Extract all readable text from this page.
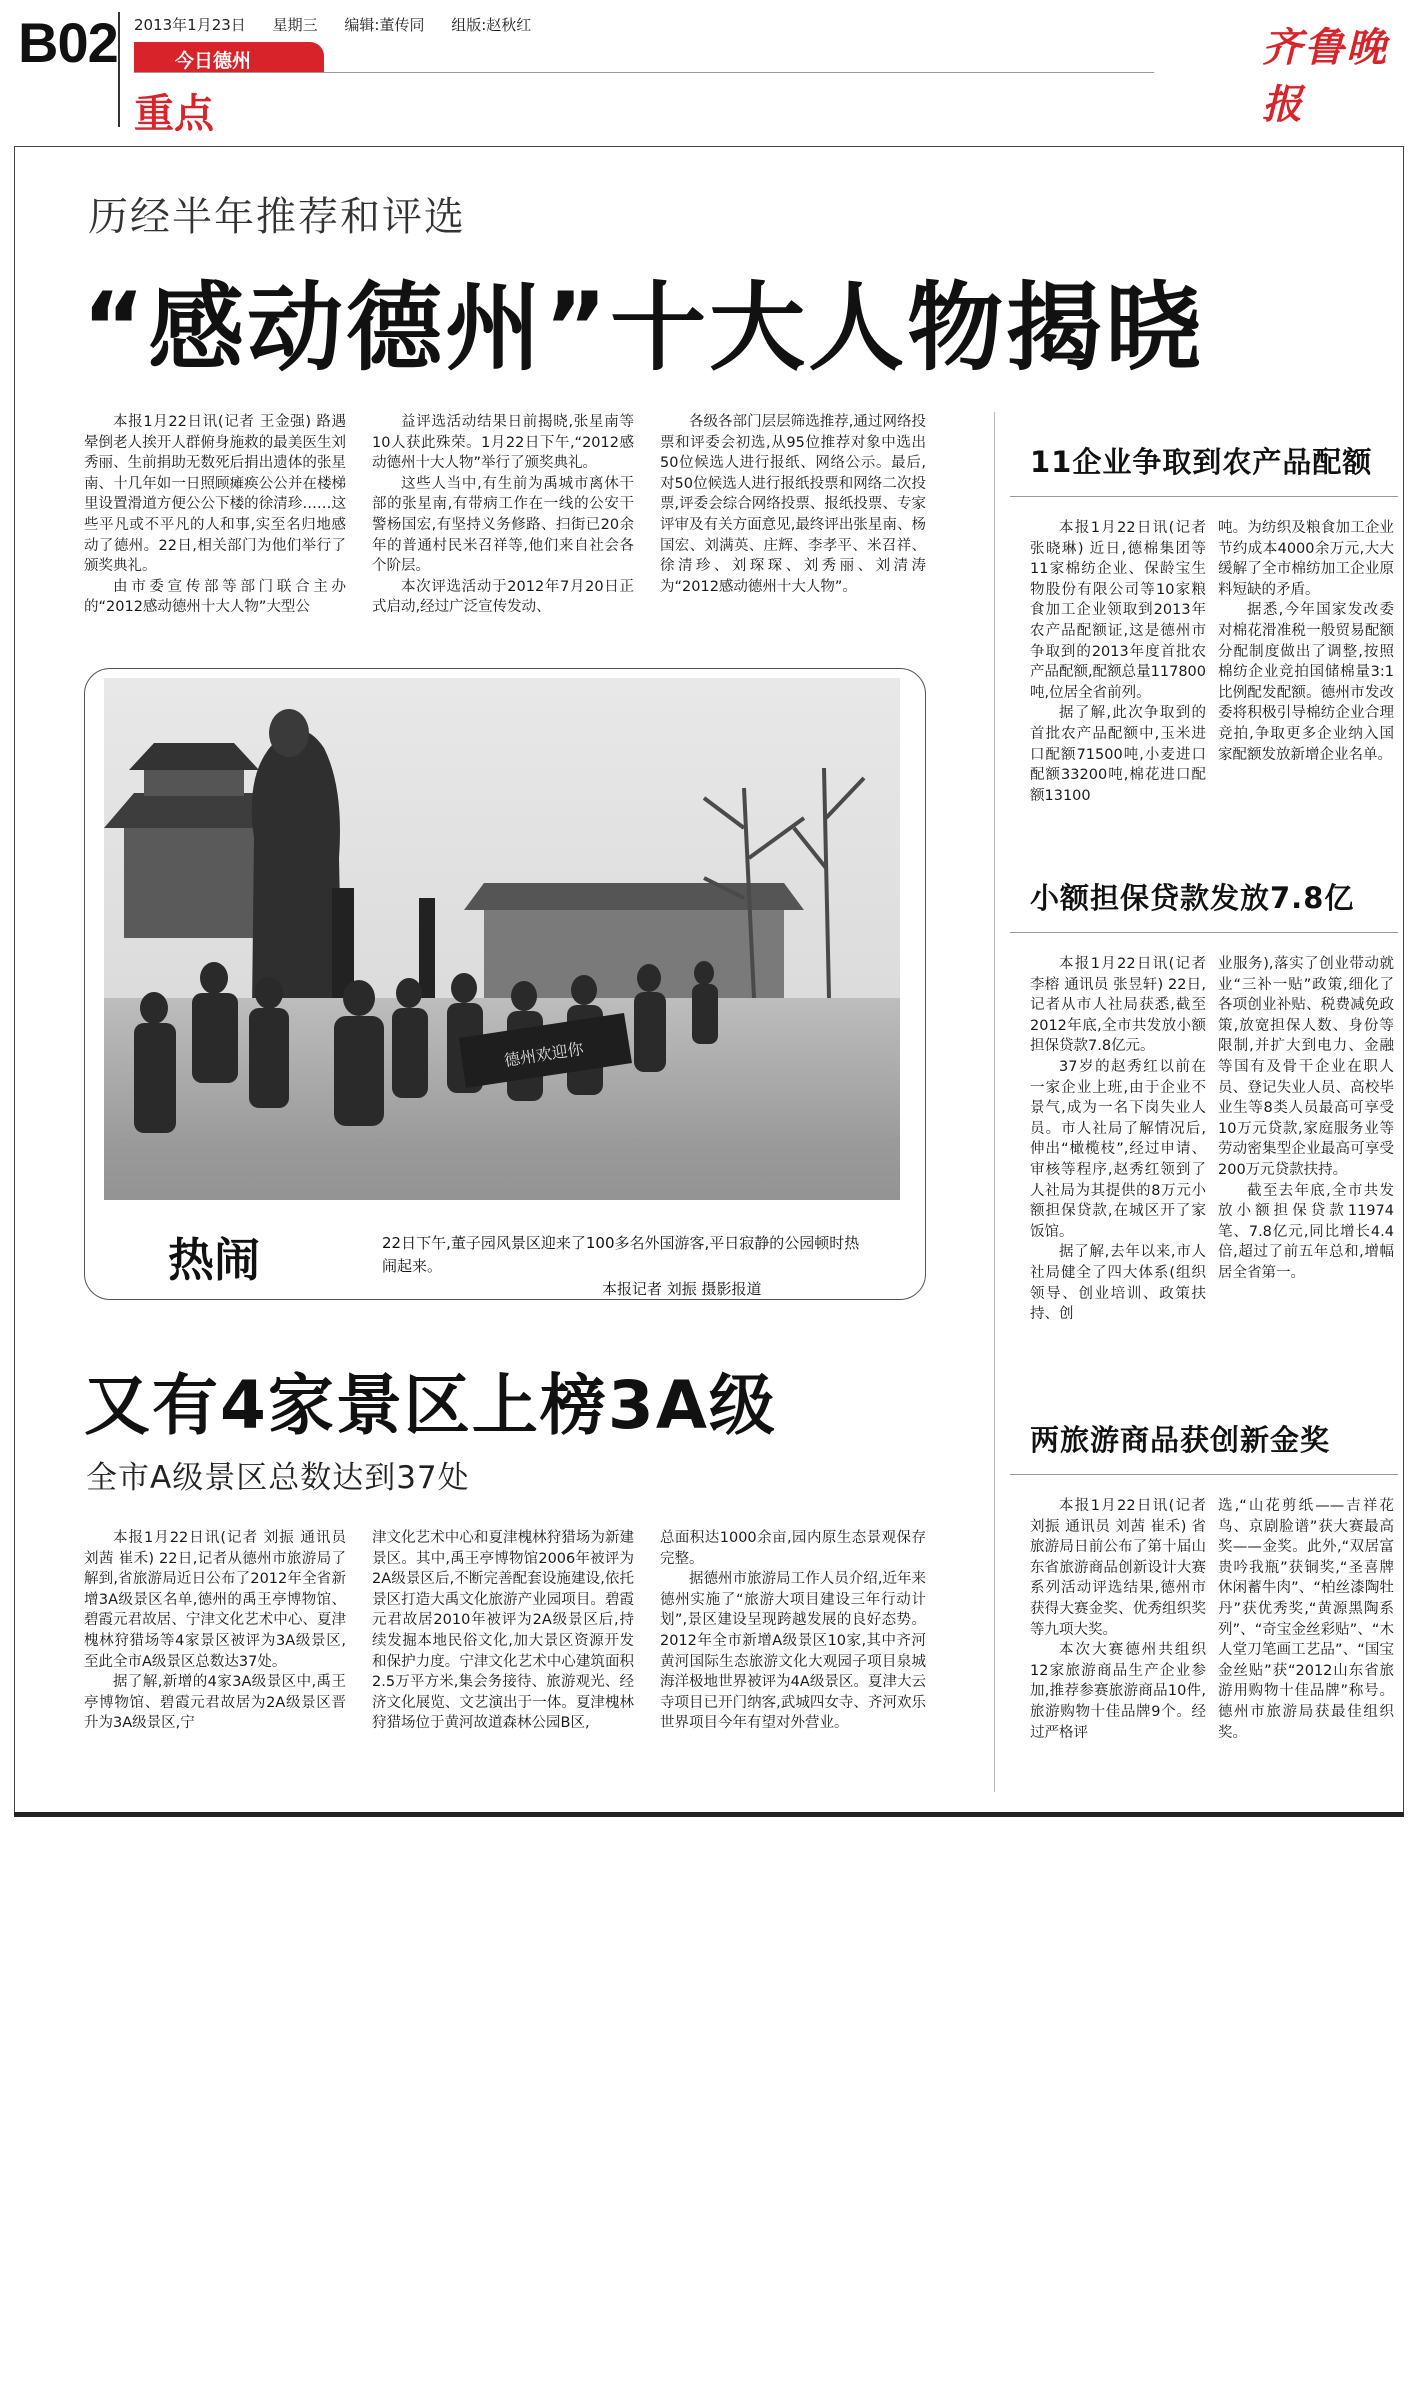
B02 2013年1月23日 星期三 编辑:董传同 组版:赵秋红
今日德州
重点
齐鲁晚报
历经半年推荐和评选
“感动德州”十大人物揭晓

本报1月22日讯(记者 王金强) 路遇晕倒老人挨开人群俯身施救的最美医生刘秀丽、生前捐助无数死后捐出遗体的张星南、十几年如一日照顾瘫痪公公并在楼梯里设置滑道方便公公下楼的徐清珍……这些平凡或不平凡的人和事,实至名归地感动了德州。22日,相关部门为他们举行了颁奖典礼。

由市委宣传部等部门联合主办的“2012感动德州十大人物”大型公

益评选活动结果日前揭晓,张星南等10人获此殊荣。1月22日下午,“2012感动德州十大人物”举行了颁奖典礼。

这些人当中,有生前为禹城市离休干部的张星南,有带病工作在一线的公安干警杨国宏,有坚持义务修路、扫街已20余年的普通村民米召祥等,他们来自社会各个阶层。

本次评选活动于2012年7月20日正式启动,经过广泛宣传发动、

各级各部门层层筛选推荐,通过网络投票和评委会初选,从95位推荐对象中选出50位候选人进行报纸、网络公示。最后,对50位候选人进行报纸投票和网络二次投票,评委会综合网络投票、报纸投票、专家评审及有关方面意见,最终评出张星南、杨国宏、刘满英、庄辉、李孝平、米召祥、徐清珍、刘琛琛、刘秀丽、刘清涛为“2012感动德州十大人物”。

德州欢迎你
热闹	22日下午,董子园风景区迎来了100多名外国游客,平日寂静的公园顿时热闹起来。
本报记者 刘振 摄影报道
又有4家景区上榜3A级
全市A级景区总数达到37处

本报1月22日讯(记者 刘振 通讯员 刘茜 崔禾) 22日,记者从德州市旅游局了解到,省旅游局近日公布了2012年全省新增3A级景区名单,德州的禹王亭博物馆、碧霞元君故居、宁津文化艺术中心、夏津槐林狩猎场等4家景区被评为3A级景区,至此全市A级景区总数达37处。

据了解,新增的4家3A级景区中,禹王亭博物馆、碧霞元君故居为2A级景区晋升为3A级景区,宁

津文化艺术中心和夏津槐林狩猎场为新建景区。其中,禹王亭博物馆2006年被评为2A级景区后,不断完善配套设施建设,依托景区打造大禹文化旅游产业园项目。碧霞元君故居2010年被评为2A级景区后,持续发掘本地民俗文化,加大景区资源开发和保护力度。宁津文化艺术中心建筑面积2.5万平方米,集会务接待、旅游观光、经济文化展览、文艺演出于一体。夏津槐林狩猎场位于黄河故道森林公园B区,

总面积达1000余亩,园内原生态景观保存完整。

据德州市旅游局工作人员介绍,近年来德州实施了“旅游大项目建设三年行动计划”,景区建设呈现跨越发展的良好态势。2012年全市新增A级景区10家,其中齐河黄河国际生态旅游文化大观园子项目泉城海洋极地世界被评为4A级景区。夏津大云寺项目已开门纳客,武城四女寺、齐河欢乐世界项目今年有望对外营业。

11企业争取到农产品配额

本报1月22日讯(记者 张晓琳) 近日,德棉集团等11家棉纺企业、保龄宝生物股份有限公司等10家粮食加工企业领取到2013年农产品配额证,这是德州市争取到的2013年度首批农产品配额,配额总量117800吨,位居全省前列。

据了解,此次争取到的首批农产品配额中,玉米进口配额71500吨,小麦进口配额33200吨,棉花进口配额13100

吨。为纺织及粮食加工企业节约成本4000余万元,大大缓解了全市棉纺加工企业原料短缺的矛盾。

据悉,今年国家发改委对棉花滑准税一般贸易配额分配制度做出了调整,按照棉纺企业竞拍国储棉量3:1比例配发配额。德州市发改委将积极引导棉纺企业合理竞拍,争取更多企业纳入国家配额发放新增企业名单。

小额担保贷款发放7.8亿

本报1月22日讯(记者 李榕 通讯员 张昱轩) 22日,记者从市人社局获悉,截至2012年底,全市共发放小额担保贷款7.8亿元。

37岁的赵秀红以前在一家企业上班,由于企业不景气,成为一名下岗失业人员。市人社局了解情况后,伸出“橄榄枝”,经过申请、审核等程序,赵秀红领到了人社局为其提供的8万元小额担保贷款,在城区开了家饭馆。

据了解,去年以来,市人社局健全了四大体系(组织领导、创业培训、政策扶持、创

业服务),落实了创业带动就业“三补一贴”政策,细化了各项创业补贴、税费减免政策,放宽担保人数、身份等限制,并扩大到电力、金融等国有及骨干企业在职人员、登记失业人员、高校毕业生等8类人员最高可享受10万元贷款,家庭服务业等劳动密集型企业最高可享受200万元贷款扶持。

截至去年底,全市共发放小额担保贷款11974笔、7.8亿元,同比增长4.4倍,超过了前五年总和,增幅居全省第一。

两旅游商品获创新金奖

本报1月22日讯(记者 刘振 通讯员 刘茜 崔禾) 省旅游局日前公布了第十届山东省旅游商品创新设计大赛系列活动评选结果,德州市获得大赛金奖、优秀组织奖等九项大奖。

本次大赛德州共组织12家旅游商品生产企业参加,推荐参赛旅游商品10件,旅游购物十佳品牌9个。经过严格评

选,“山花剪纸——吉祥花鸟、京剧脸谱”获大赛最高奖——金奖。此外,“双居富贵吟我瓶”获铜奖,“圣喜牌休闲蓄牛肉”、“柏丝漆陶牡丹”获优秀奖,“黄源黑陶系列”、“奇宝金丝彩贴”、“木人堂刀笔画工艺品”、“国宝金丝贴”获“2012山东省旅游用购物十佳品牌”称号。德州市旅游局获最佳组织奖。
